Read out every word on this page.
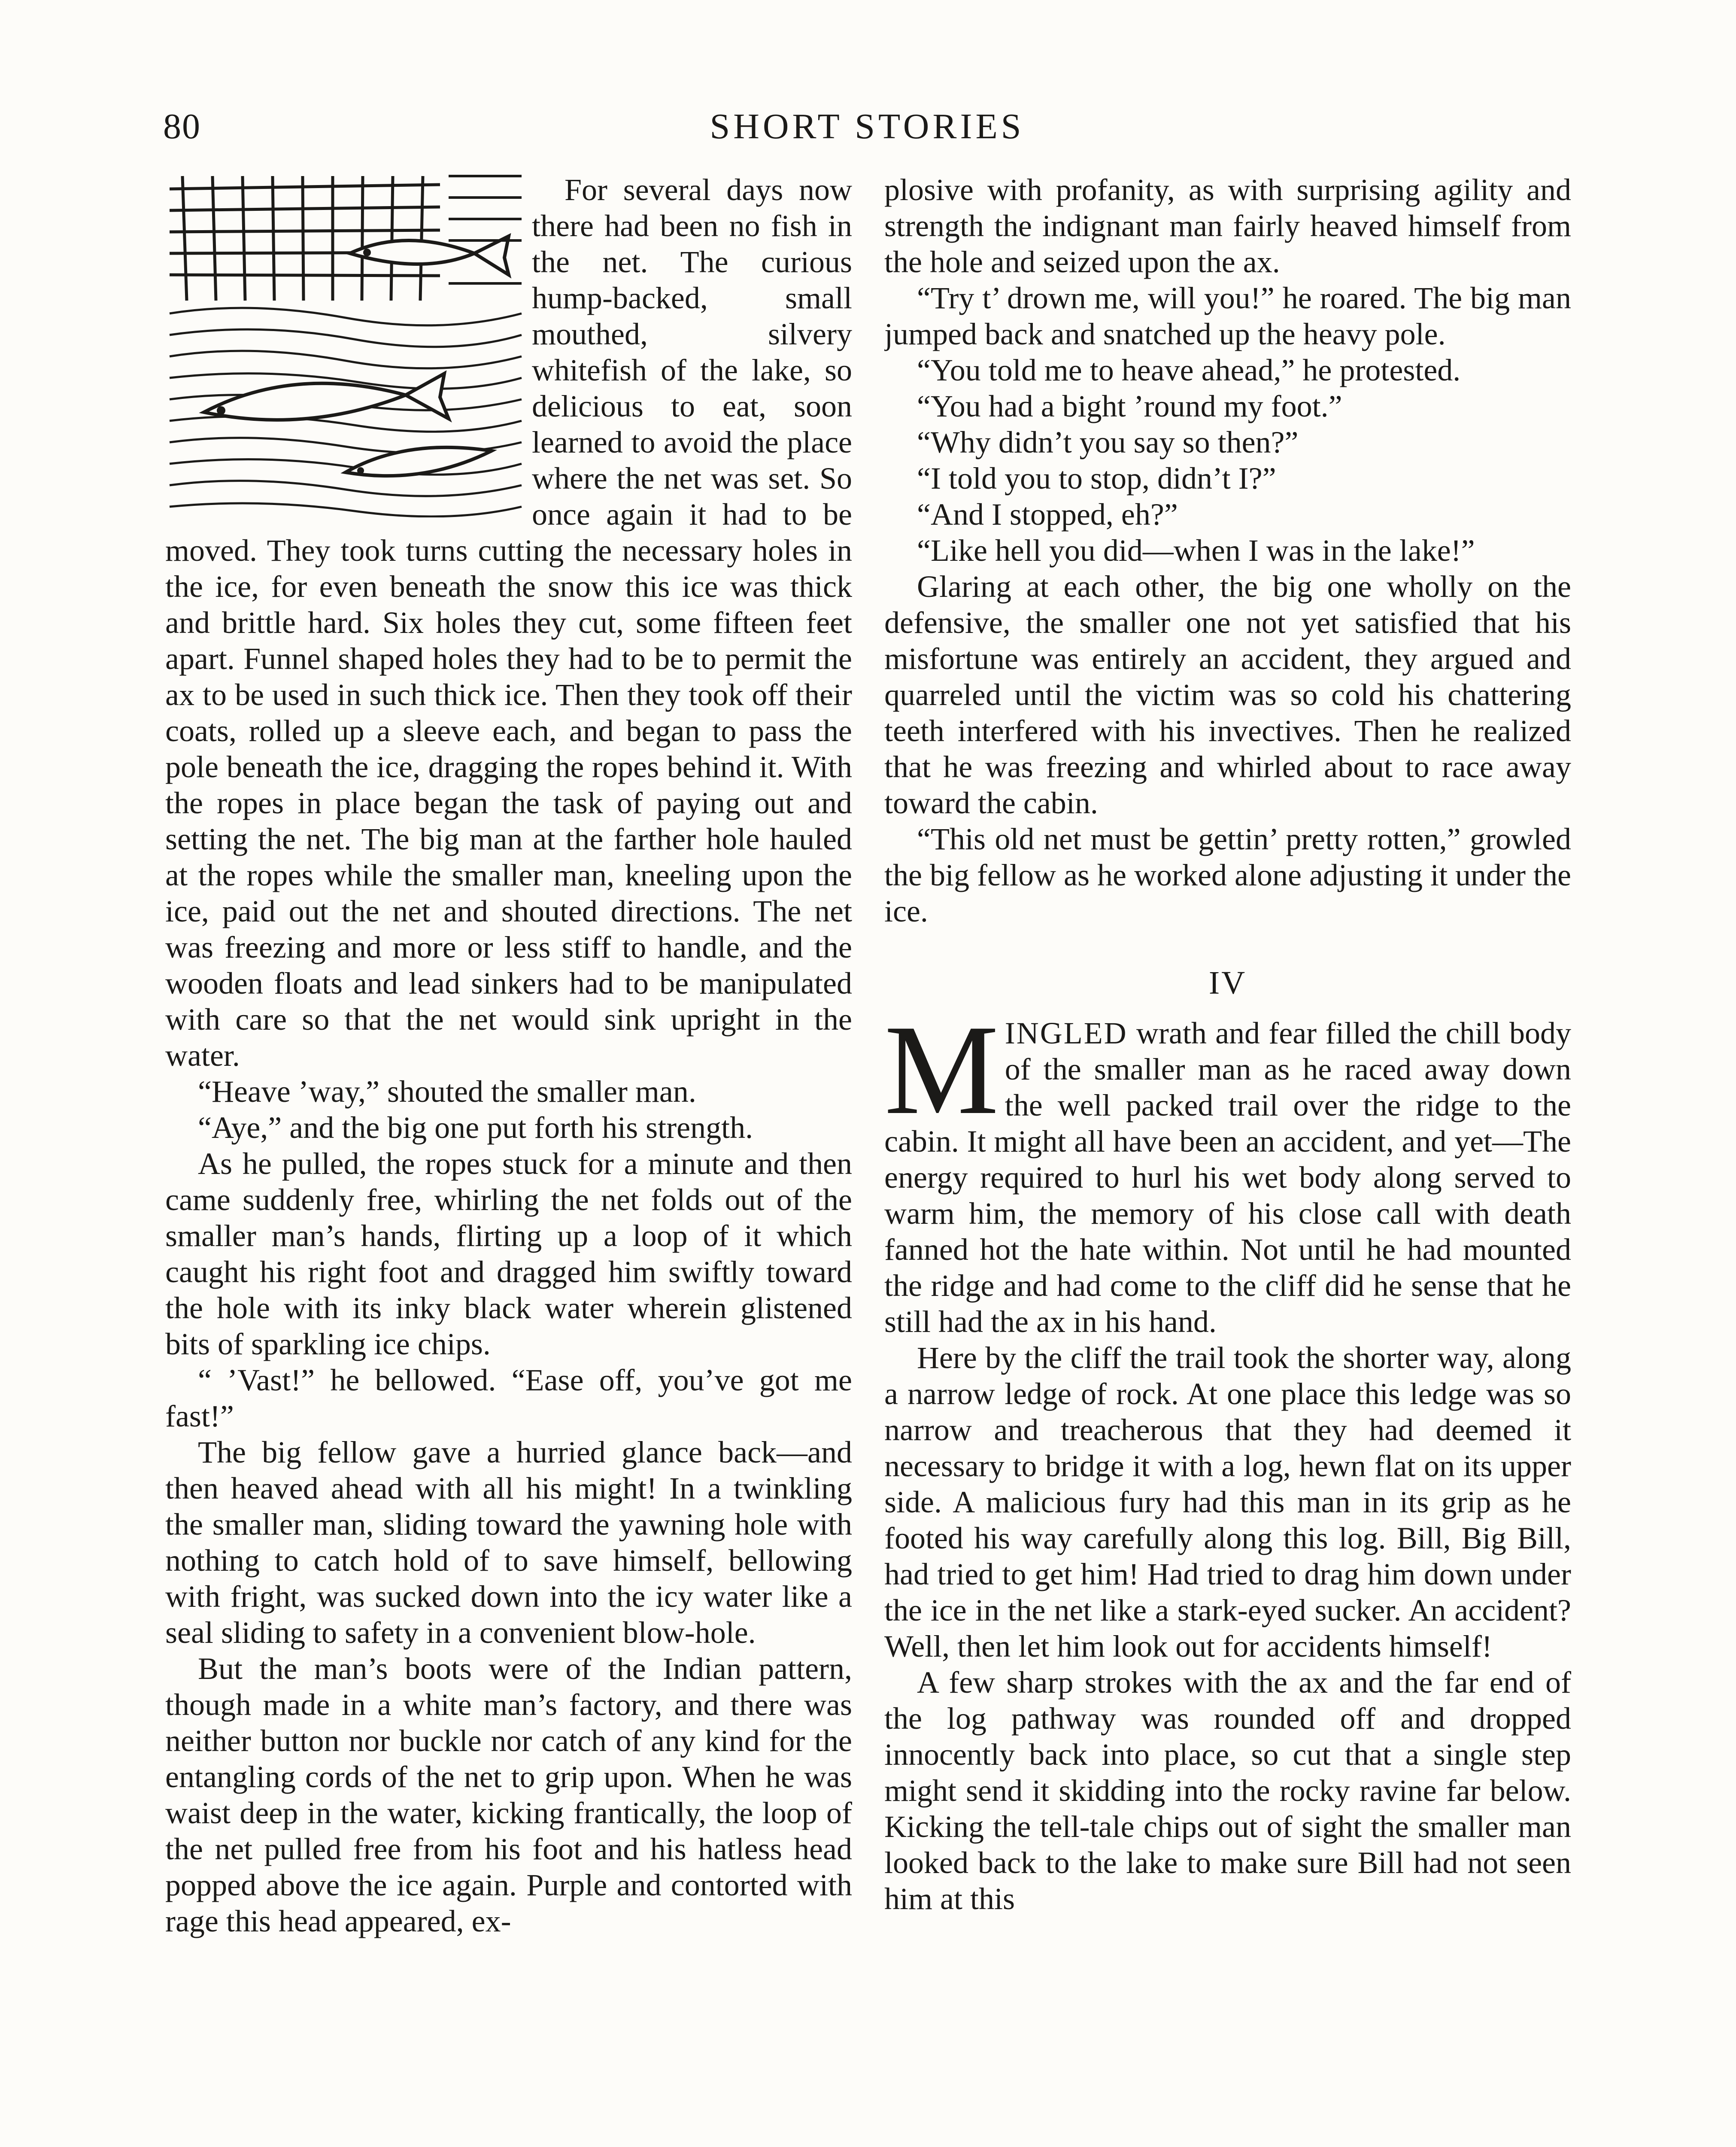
80	SHORT STORIES

For several days now there had been no fish in the net. The curious hump-backed, small mouthed, silvery whitefish of the lake, so delicious to eat, soon learned to avoid the place where the net was set. So once again it had to be moved. They took turns cutting the necessary holes in the ice, for even beneath the snow this ice was thick and brittle hard. Six holes they cut, some fifteen feet apart. Funnel shaped holes they had to be to permit the ax to be used in such thick ice. Then they took off their coats, rolled up a sleeve each, and began to pass the pole beneath the ice, dragging the ropes behind it. With the ropes in place began the task of paying out and setting the net. The big man at the farther hole hauled at the ropes while the smaller man, kneeling upon the ice, paid out the net and shouted directions. The net was freezing and more or less stiff to handle, and the wooden floats and lead sinkers had to be manipulated with care so that the net would sink upright in the water.

“Heave ’way,” shouted the smaller man.

“Aye,” and the big one put forth his strength.

As he pulled, the ropes stuck for a minute and then came suddenly free, whirling the net folds out of the smaller man’s hands, flirting up a loop of it which caught his right foot and dragged him swiftly toward the hole with its inky black water wherein glistened bits of sparkling ice chips.

“ ’Vast!” he bellowed. “Ease off, you’ve got me fast!”

The big fellow gave a hurried glance back—and then heaved ahead with all his might! In a twinkling the smaller man, sliding toward the yawning hole with nothing to catch hold of to save himself, bellowing with fright, was sucked down into the icy water like a seal sliding to safety in a convenient blow-hole.

But the man’s boots were of the Indian pattern, though made in a white man’s factory, and there was neither button nor buckle nor catch of any kind for the entangling cords of the net to grip upon. When he was waist deep in the water, kicking frantically, the loop of the net pulled free from his foot and his hatless head popped above the ice again. Purple and contorted with rage this head appeared, ex-

plosive with profanity, as with surprising agility and strength the indignant man fairly heaved himself from the hole and seized upon the ax.

“Try t’ drown me, will you!” he roared. The big man jumped back and snatched up the heavy pole.

“You told me to heave ahead,” he protested.

“You had a bight ’round my foot.”

“Why didn’t you say so then?”

“I told you to stop, didn’t I?”

“And I stopped, eh?”

“Like hell you did—when I was in the lake!”

Glaring at each other, the big one wholly on the defensive, the smaller one not yet satisfied that his misfortune was entirely an accident, they argued and quarreled until the victim was so cold his chattering teeth interfered with his invectives. Then he realized that he was freezing and whirled about to race away toward the cabin.

“This old net must be gettin’ pretty rotten,” growled the big fellow as he worked alone adjusting it under the ice.

IV

MINGLED wrath and fear filled the chill body of the smaller man as he raced away down the well packed trail over the ridge to the cabin. It might all have been an accident, and yet—The energy required to hurl his wet body along served to warm him, the memory of his close call with death fanned hot the hate within. Not until he had mounted the ridge and had come to the cliff did he sense that he still had the ax in his hand.

Here by the cliff the trail took the shorter way, along a narrow ledge of rock. At one place this ledge was so narrow and treacherous that they had deemed it necessary to bridge it with a log, hewn flat on its upper side. A malicious fury had this man in its grip as he footed his way carefully along this log. Bill, Big Bill, had tried to get him! Had tried to drag him down under the ice in the net like a stark-eyed sucker. An accident? Well, then let him look out for accidents himself!

A few sharp strokes with the ax and the far end of the log pathway was rounded off and dropped innocently back into place, so cut that a single step might send it skidding into the rocky ravine far below. Kicking the tell-tale chips out of sight the smaller man looked back to the lake to make sure Bill had not seen him at this
